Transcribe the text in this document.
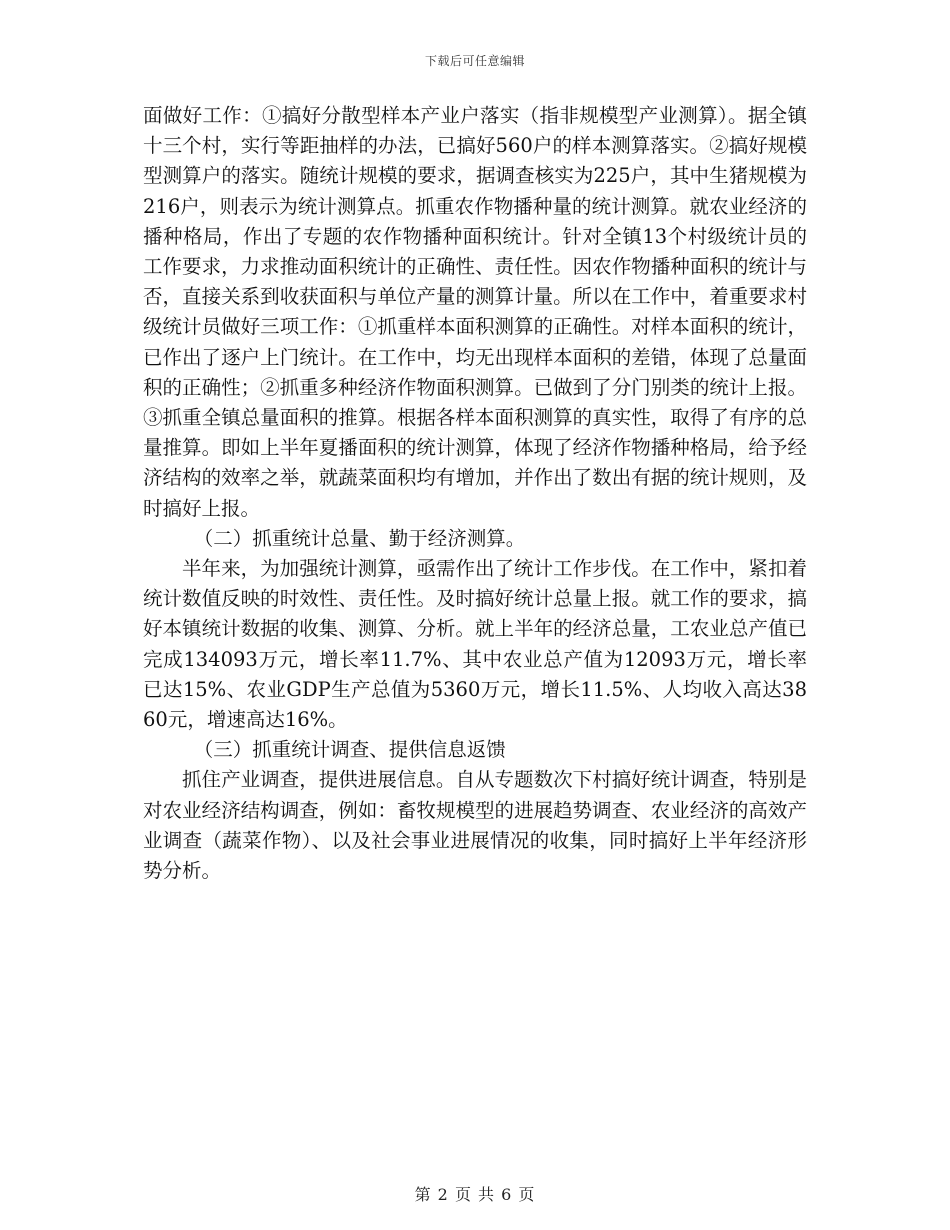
下载后可任意编辑

面做好工作：①搞好分散型样本产业户落实（指非规模型产业测算）。据全镇十三个村，实行等距抽样的办法，已搞好560户的样本测算落实。②搞好规模型测算户的落实。随统计规模的要求，据调查核实为225户，其中生猪规模为216户，则表示为统计测算点。抓重农作物播种量的统计测算。就农业经济的播种格局，作出了专题的农作物播种面积统计。针对全镇13个村级统计员的工作要求，力求推动面积统计的正确性、责任性。因农作物播种面积的统计与否，直接关系到收获面积与单位产量的测算计量。所以在工作中，着重要求村级统计员做好三项工作：①抓重样本面积测算的正确性。对样本面积的统计，已作出了逐户上门统计。在工作中，均无出现样本面积的差错，体现了总量面积的正确性；②抓重多种经济作物面积测算。已做到了分门别类的统计上报。③抓重全镇总量面积的推算。根据各样本面积测算的真实性，取得了有序的总量推算。即如上半年夏播面积的统计测算，体现了经济作物播种格局，给予经济结构的效率之举，就蔬菜面积均有增加，并作出了数出有据的统计规则，及时搞好上报。

（二）抓重统计总量、勤于经济测算。

半年来，为加强统计测算，亟需作出了统计工作步伐。在工作中，紧扣着统计数值反映的时效性、责任性。及时搞好统计总量上报。就工作的要求，搞好本镇统计数据的收集、测算、分析。就上半年的经济总量，工农业总产值已完成134093万元，增长率11.7%、其中农业总产值为12093万元，增长率已达15%、农业GDP生产总值为5360万元，增长11.5%、人均收入高达3860元，增速高达16%。

（三）抓重统计调查、提供信息返馈

抓住产业调查，提供进展信息。自从专题数次下村搞好统计调查，特别是对农业经济结构调查，例如：畜牧规模型的进展趋势调查、农业经济的高效产业调查（蔬菜作物）、以及社会事业进展情况的收集，同时搞好上半年经济形势分析。

第 2 页 共 6 页
